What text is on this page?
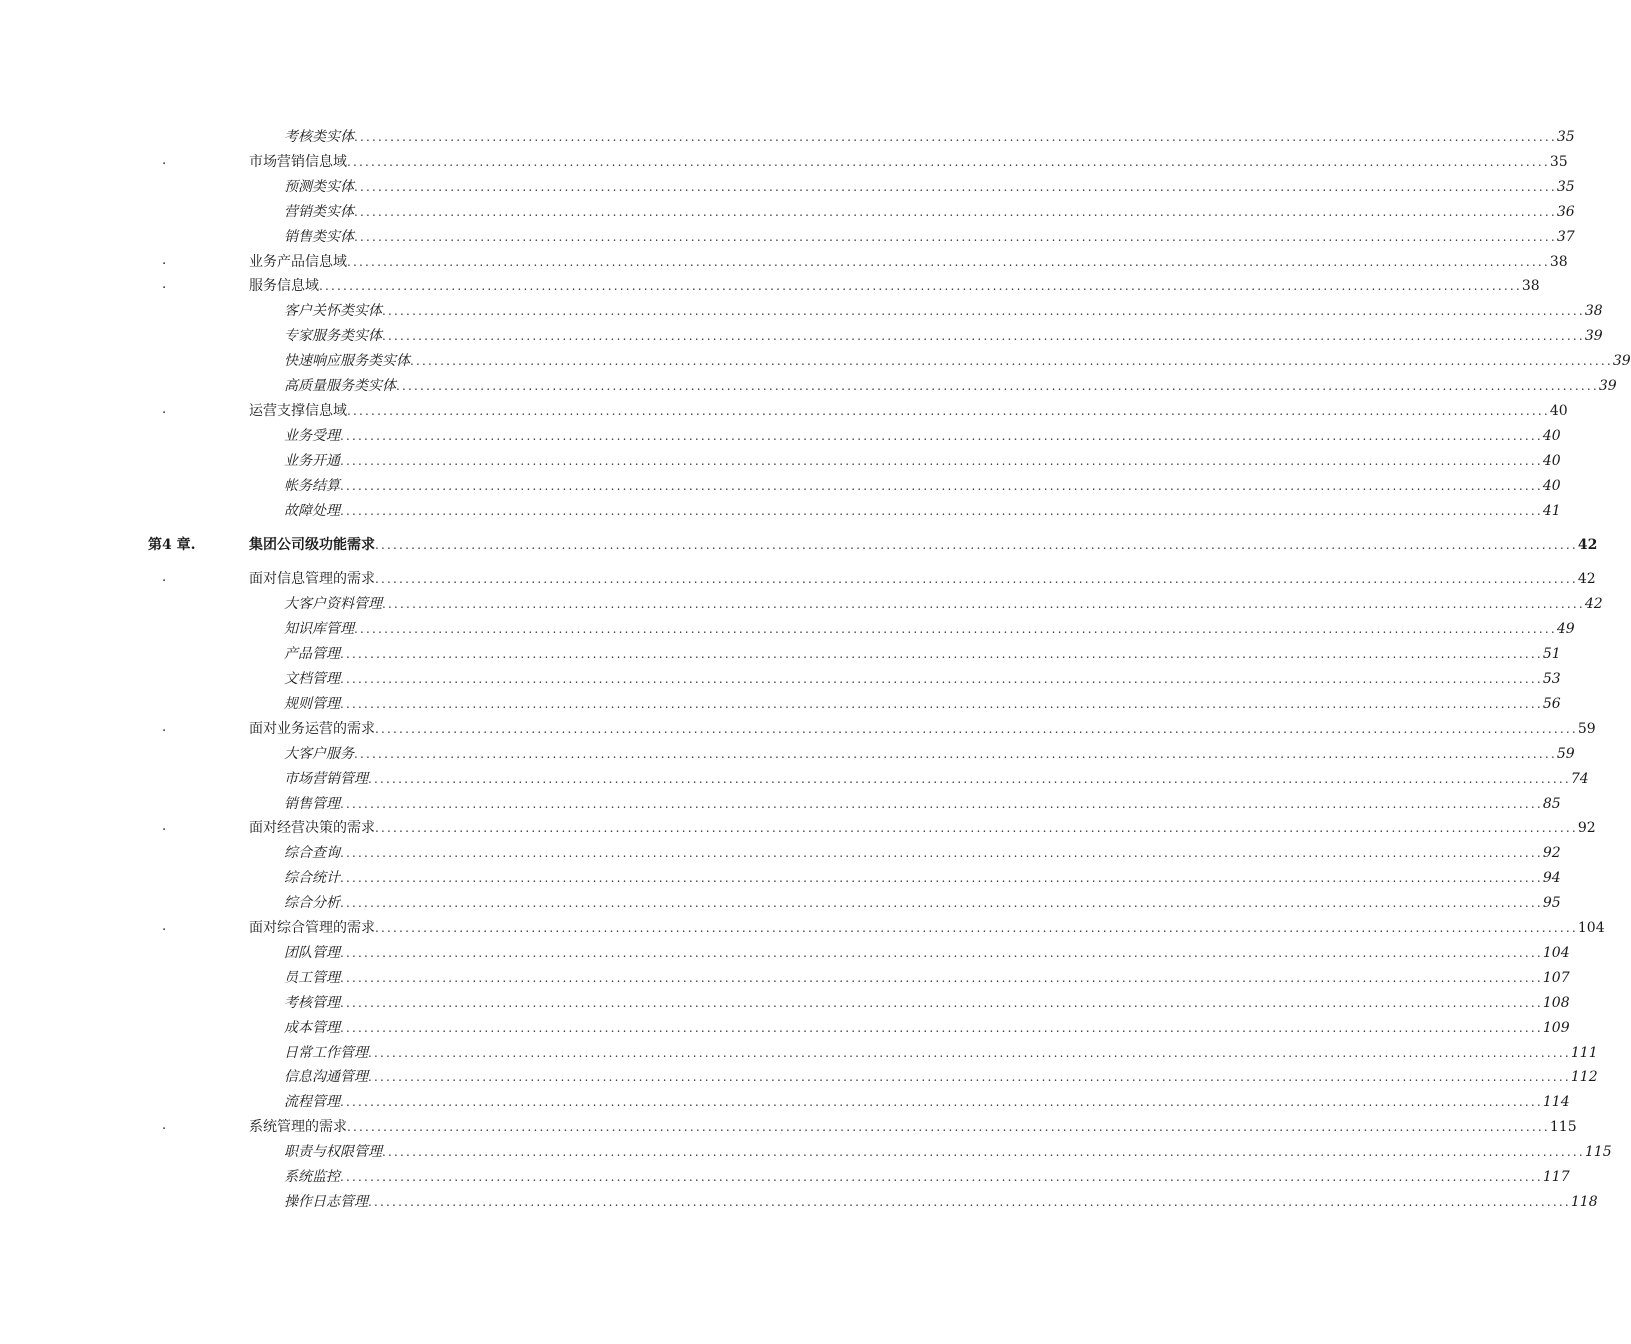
考核类实体 ........................................................................................................................................................................................................ 35
.	市场营销信息域 ........................................................................................................................................................................................................ 35
预测类实体 ........................................................................................................................................................................................................ 35
营销类实体 ........................................................................................................................................................................................................ 36
销售类实体 ........................................................................................................................................................................................................ 37
.	业务产品信息域 ........................................................................................................................................................................................................ 38
.	服务信息域 ........................................................................................................................................................................................................ 38
客户关怀类实体 ........................................................................................................................................................................................................ 38
专家服务类实体 ........................................................................................................................................................................................................ 39
快速响应服务类实体 ........................................................................................................................................................................................................ 39
高质量服务类实体 ........................................................................................................................................................................................................ 39
.	运营支撑信息域 ........................................................................................................................................................................................................ 40
业务受理 ........................................................................................................................................................................................................ 40
业务开通 ........................................................................................................................................................................................................ 40
帐务结算 ........................................................................................................................................................................................................ 40
故障处理 ........................................................................................................................................................................................................ 41
第4 章.	集团公司级功能需求 ........................................................................................................................................................................................................ 42
.	面对信息管理的需求 ........................................................................................................................................................................................................ 42
大客户资料管理 ........................................................................................................................................................................................................ 42
知识库管理 ........................................................................................................................................................................................................ 49
产品管理 ........................................................................................................................................................................................................ 51
文档管理 ........................................................................................................................................................................................................ 53
规则管理 ........................................................................................................................................................................................................ 56
.	面对业务运营的需求 ........................................................................................................................................................................................................ 59
大客户服务 ........................................................................................................................................................................................................ 59
市场营销管理 ........................................................................................................................................................................................................ 74
销售管理 ........................................................................................................................................................................................................ 85
.	面对经营决策的需求 ........................................................................................................................................................................................................ 92
综合查询 ........................................................................................................................................................................................................ 92
综合统计 ........................................................................................................................................................................................................ 94
综合分析 ........................................................................................................................................................................................................ 95
.	面对综合管理的需求 ........................................................................................................................................................................................................ 104
团队管理 ........................................................................................................................................................................................................ 104
员工管理 ........................................................................................................................................................................................................ 107
考核管理 ........................................................................................................................................................................................................ 108
成本管理 ........................................................................................................................................................................................................ 109
日常工作管理 ........................................................................................................................................................................................................ 111
信息沟通管理 ........................................................................................................................................................................................................ 112
流程管理 ........................................................................................................................................................................................................ 114
.	系统管理的需求 ........................................................................................................................................................................................................ 115
职责与权限管理 ........................................................................................................................................................................................................ 115
系统监控 ........................................................................................................................................................................................................ 117
操作日志管理 ........................................................................................................................................................................................................ 118
